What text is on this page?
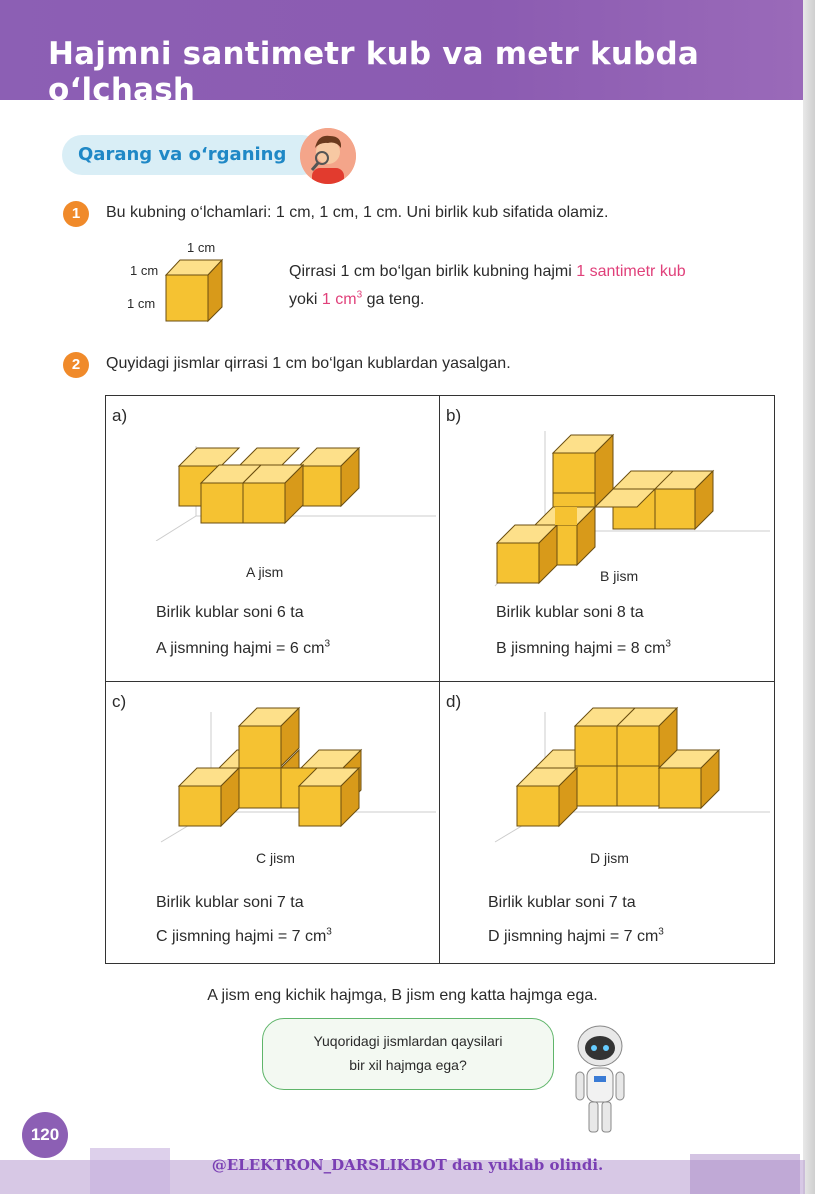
Hajmni santimetr kub va metr kubda o‘lchash
Qarang va o‘rganing
1	Bu kubning o‘lchamlari: 1 cm, 1 cm, 1 cm. Uni birlik kub sifatida olamiz.
1 cm
1 cm
1 cm
Qirrasi 1 cm bo‘lgan birlik kubning hajmi 1 santimetr kub
yoki 1 $cm^3$ ga teng.
2	Quyidagi jismlar qirrasi 1 cm bo‘lgan kublardan yasalgan.
a)
A jism
Birlik kublar soni 6 ta
A jismning hajmi = 6 $cm^3$
b)
B jism
Birlik kublar soni 8 ta
B jismning hajmi = 8 $cm^3$
c)
C jism
Birlik kublar soni 7 ta
C jismning hajmi = 7 $cm^3$
d)
D jism
Birlik kublar soni 7 ta
D jismning hajmi = 7 $cm^3$
A jism eng kichik hajmga, B jism eng katta hajmga ega.
Yuqoridagi jismlardan qaysilari
bir xil hajmga ega?
120
@ELEKTRON_DARSLIKBOT dan yuklab olindi.
